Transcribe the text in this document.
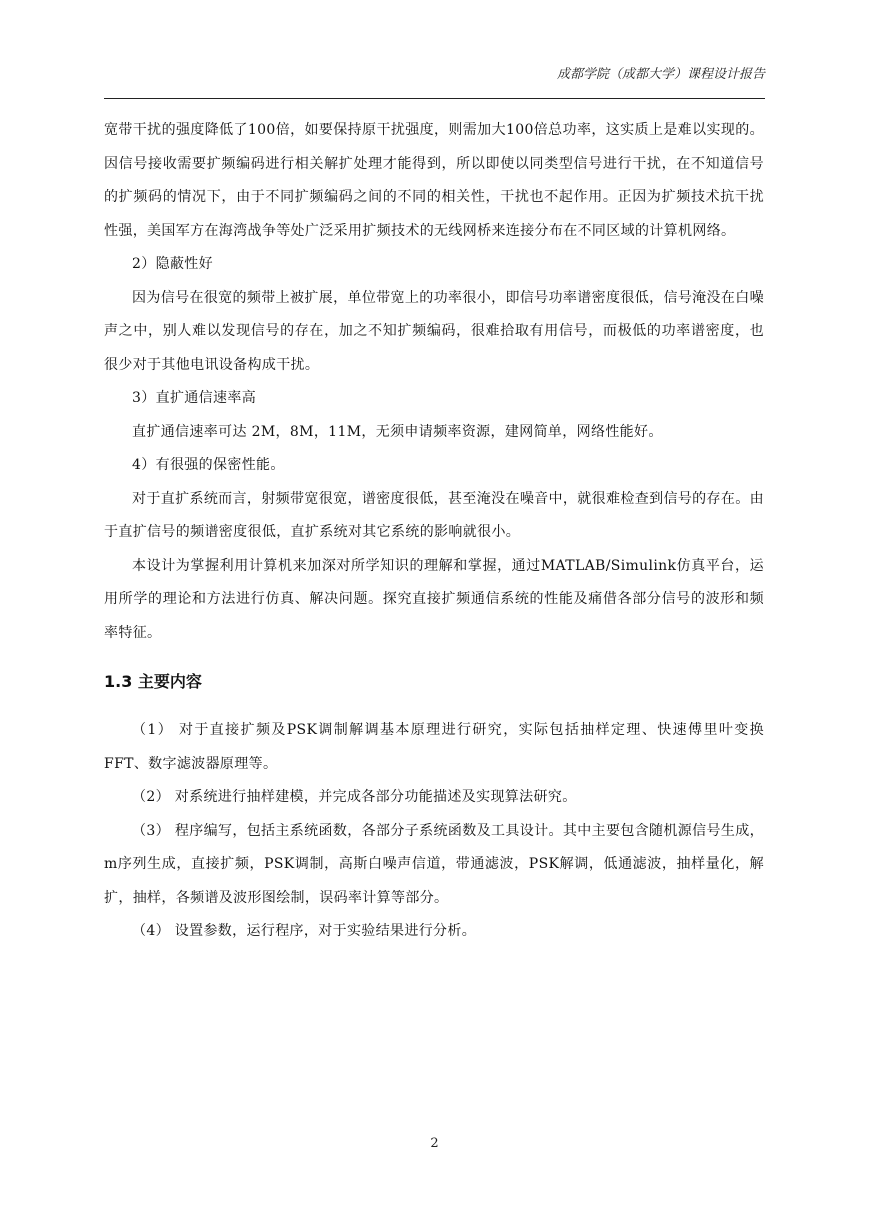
成都学院（成都大学）课程设计报告

宽带干扰的强度降低了100倍，如要保持原干扰强度，则需加大100倍总功率，这实质上是难以实现的。因信号接收需要扩频编码进行相关解扩处理才能得到，所以即使以同类型信号进行干扰，在不知道信号的扩频码的情况下，由于不同扩频编码之间的不同的相关性，干扰也不起作用。正因为扩频技术抗干扰性强，美国军方在海湾战争等处广泛采用扩频技术的无线网桥来连接分布在不同区域的计算机网络。

2）隐蔽性好

因为信号在很宽的频带上被扩展，单位带宽上的功率很小，即信号功率谱密度很低，信号淹没在白噪声之中，别人难以发现信号的存在，加之不知扩频编码，很难拾取有用信号，而极低的功率谱密度，也很少对于其他电讯设备构成干扰。

3）直扩通信速率高

直扩通信速率可达 2M，8M，11M，无须申请频率资源，建网简单，网络性能好。

4）有很强的保密性能。

对于直扩系统而言，射频带宽很宽，谱密度很低，甚至淹没在噪音中，就很难检查到信号的存在。由于直扩信号的频谱密度很低，直扩系统对其它系统的影响就很小。

本设计为掌握利用计算机来加深对所学知识的理解和掌握，通过MATLAB/Simulink仿真平台，运用所学的理论和方法进行仿真、解决问题。探究直接扩频通信系统的性能及痛借各部分信号的波形和频率特征。

1.3 主要内容

（1） 对于直接扩频及PSK调制解调基本原理进行研究，实际包括抽样定理、快速傅里叶变换FFT、数字滤波器原理等。

（2） 对系统进行抽样建模，并完成各部分功能描述及实现算法研究。

（3） 程序编写，包括主系统函数，各部分子系统函数及工具设计。其中主要包含随机源信号生成，m序列生成，直接扩频，PSK调制，高斯白噪声信道，带通滤波，PSK解调，低通滤波，抽样量化，解扩，抽样，各频谱及波形图绘制，误码率计算等部分。

（4） 设置参数，运行程序，对于实验结果进行分析。

2
